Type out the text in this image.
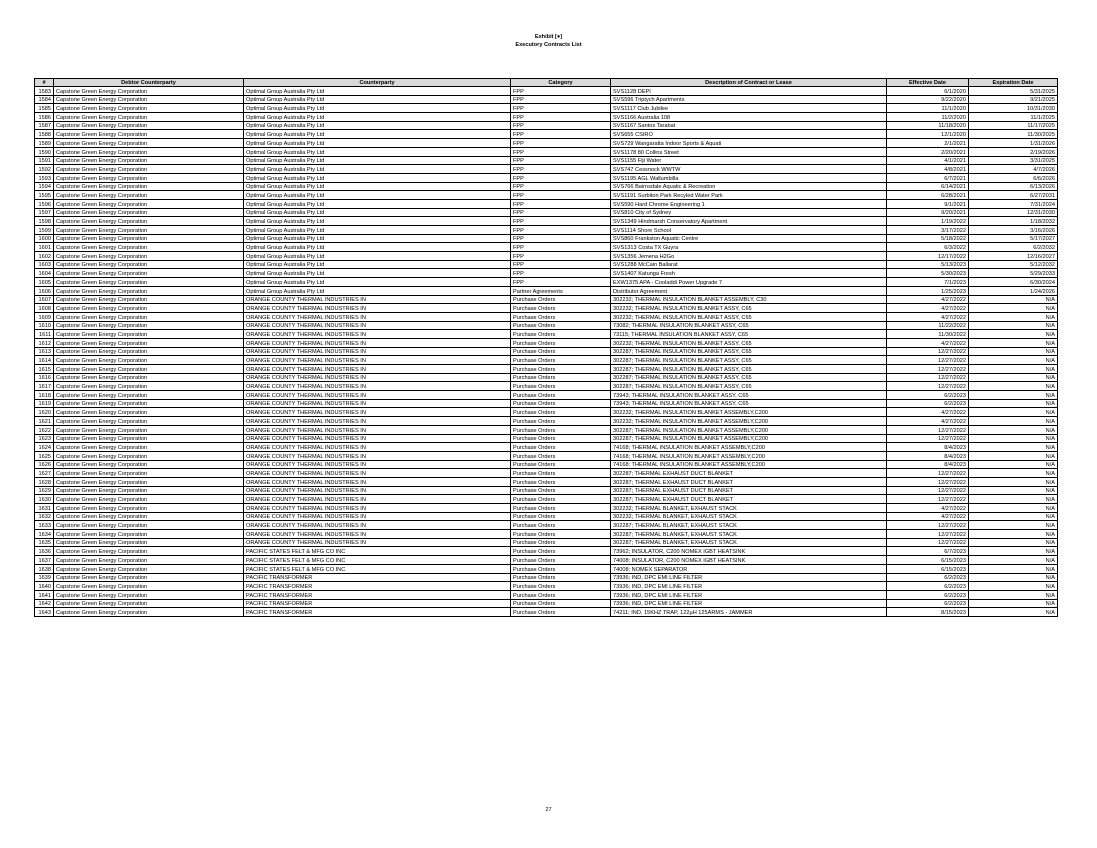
Exhibit [●]
Executory Contracts List
#	Debtor Counterparty	Counterparty	Category	Description of Contract or Lease	Effective Date	Expiration Date
1583	Capstone Green Energy Corporation	Optimal Group Australia Pty Ltd	FPP	SVS1128 DEPI	6/1/2020	5/31/2025
1584	Capstone Green Energy Corporation	Optimal Group Australia Pty Ltd	FPP	SVS596 Triptych Apartments	9/22/2020	9/21/2025
1585	Capstone Green Energy Corporation	Optimal Group Australia Pty Ltd	FPP	SVS1117 Club Jubilee	11/1/2020	10/31/2030
1586	Capstone Green Energy Corporation	Optimal Group Australia Pty Ltd	FPP	SVS1166 Australia 108	11/2/2020	11/1/2025
1587	Capstone Green Energy Corporation	Optimal Group Australia Pty Ltd	FPP	SVS1167 Santos Tarabat	11/18/2020	11/17/2025
1588	Capstone Green Energy Corporation	Optimal Group Australia Pty Ltd	FPP	SVS655 CSIRO	12/1/2020	11/30/2025
1589	Capstone Green Energy Corporation	Optimal Group Australia Pty Ltd	FPP	SVS729 Wangaratta Indoor Sports & Aquati	2/1/2021	1/31/2026
1590	Capstone Green Energy Corporation	Optimal Group Australia Pty Ltd	FPP	SVS1178 80 Collins Street	2/20/2021	2/19/2026
1591	Capstone Green Energy Corporation	Optimal Group Australia Pty Ltd	FPP	SVS1155 Fiji Water	4/1/2021	3/31/2025
1592	Capstone Green Energy Corporation	Optimal Group Australia Pty Ltd	FPP	SVS747 Cessnock WWTW	4/8/2021	4/7/2026
1593	Capstone Green Energy Corporation	Optimal Group Australia Pty Ltd	FPP	SVS1195 AGL Wallumbilla	6/7/2021	6/6/2026
1594	Capstone Green Energy Corporation	Optimal Group Australia Pty Ltd	FPP	SVS766 Bairnsdale Aquatic & Recreation	6/14/2021	6/13/2026
1595	Capstone Green Energy Corporation	Optimal Group Australia Pty Ltd	FPP	SVS1191 Surbiton Park Recyled Water Park	6/28/2021	6/27/2031
1596	Capstone Green Energy Corporation	Optimal Group Australia Pty Ltd	FPP	SVS590 Hard Chrome Engineering 1	9/1/2021	7/31/2024
1597	Capstone Green Energy Corporation	Optimal Group Australia Pty Ltd	FPP	SVS810 City of Sydney	9/20/2021	12/31/2030
1598	Capstone Green Energy Corporation	Optimal Group Australia Pty Ltd	FPP	SVS1349 Hindmarsh Conservatory Apartment	1/19/2022	1/18/2032
1599	Capstone Green Energy Corporation	Optimal Group Australia Pty Ltd	FPP	SVS1114 Shore School	3/17/2022	3/16/2026
1600	Capstone Green Energy Corporation	Optimal Group Australia Pty Ltd	FPP	SVS860 Frankston Aquatic Centre	5/18/2022	5/17/2027
1601	Capstone Green Energy Corporation	Optimal Group Australia Pty Ltd	FPP	SVS1313 Costa TX Guyra	6/3/2022	6/2/2032
1602	Capstone Green Energy Corporation	Optimal Group Australia Pty Ltd	FPP	SVS1356 Jemena H2Go	12/17/2022	12/16/2027
1603	Capstone Green Energy Corporation	Optimal Group Australia Pty Ltd	FPP	SVS1288 McCain Ballarat	5/13/2023	5/12/2032
1604	Capstone Green Energy Corporation	Optimal Group Australia Pty Ltd	FPP	SVS1407 Katunga Fresh	5/30/2023	5/29/2033
1605	Capstone Green Energy Corporation	Optimal Group Australia Pty Ltd	FPP	EXW1375 APA - Cooladdi Power Upgrade 7	7/1/2023	6/30/2024
1606	Capstone Green Energy Corporation	Optimal Group Australia Pty Ltd	Partner Agreements	Distributor Agreement	1/25/2023	1/24/2026
1607	Capstone Green Energy Corporation	ORANGE COUNTY THERMAL INDUSTRIES IN	Purchase Orders	302232; THERMAL INSULATION BLANKET ASSEMBLY, C30	4/27/2022	N/A
1608	Capstone Green Energy Corporation	ORANGE COUNTY THERMAL INDUSTRIES IN	Purchase Orders	302232; THERMAL INSULATION BLANKET ASSY, C65	4/27/2022	N/A
1609	Capstone Green Energy Corporation	ORANGE COUNTY THERMAL INDUSTRIES IN	Purchase Orders	302232; THERMAL INSULATION BLANKET ASSY, C65	4/27/2022	N/A
1610	Capstone Green Energy Corporation	ORANGE COUNTY THERMAL INDUSTRIES IN	Purchase Orders	73082; THERMAL INSULATION BLANKET ASSY, C65	11/22/2022	N/A
1611	Capstone Green Energy Corporation	ORANGE COUNTY THERMAL INDUSTRIES IN	Purchase Orders	73115; THERMAL INSULATION BLANKET ASSY, C65	11/30/2022	N/A
1612	Capstone Green Energy Corporation	ORANGE COUNTY THERMAL INDUSTRIES IN	Purchase Orders	302232; THERMAL INSULATION BLANKET ASSY, C65	4/27/2022	N/A
1613	Capstone Green Energy Corporation	ORANGE COUNTY THERMAL INDUSTRIES IN	Purchase Orders	302287; THERMAL INSULATION BLANKET ASSY, C65	12/27/2022	N/A
1614	Capstone Green Energy Corporation	ORANGE COUNTY THERMAL INDUSTRIES IN	Purchase Orders	302287; THERMAL INSULATION BLANKET ASSY, C65	12/27/2022	N/A
1615	Capstone Green Energy Corporation	ORANGE COUNTY THERMAL INDUSTRIES IN	Purchase Orders	302287; THERMAL INSULATION BLANKET ASSY, C65	12/27/2022	N/A
1616	Capstone Green Energy Corporation	ORANGE COUNTY THERMAL INDUSTRIES IN	Purchase Orders	302287; THERMAL INSULATION BLANKET ASSY, C65	12/27/2022	N/A
1617	Capstone Green Energy Corporation	ORANGE COUNTY THERMAL INDUSTRIES IN	Purchase Orders	302287; THERMAL INSULATION BLANKET ASSY, C65	12/27/2022	N/A
1618	Capstone Green Energy Corporation	ORANGE COUNTY THERMAL INDUSTRIES IN	Purchase Orders	73943; THERMAL INSULATION BLANKET ASSY, C65	6/2/2023	N/A
1619	Capstone Green Energy Corporation	ORANGE COUNTY THERMAL INDUSTRIES IN	Purchase Orders	73943; THERMAL INSULATION BLANKET ASSY, C65	6/2/2023	N/A
1620	Capstone Green Energy Corporation	ORANGE COUNTY THERMAL INDUSTRIES IN	Purchase Orders	302232; THERMAL INSULATION BLANKET ASSEMBLY,C200	4/27/2022	N/A
1621	Capstone Green Energy Corporation	ORANGE COUNTY THERMAL INDUSTRIES IN	Purchase Orders	302232; THERMAL INSULATION BLANKET ASSEMBLY,C200	4/27/2022	N/A
1622	Capstone Green Energy Corporation	ORANGE COUNTY THERMAL INDUSTRIES IN	Purchase Orders	302287; THERMAL INSULATION BLANKET ASSEMBLY,C200	12/27/2022	N/A
1623	Capstone Green Energy Corporation	ORANGE COUNTY THERMAL INDUSTRIES IN	Purchase Orders	302287; THERMAL INSULATION BLANKET ASSEMBLY,C200	12/27/2022	N/A
1624	Capstone Green Energy Corporation	ORANGE COUNTY THERMAL INDUSTRIES IN	Purchase Orders	74168; THERMAL INSULATION BLANKET ASSEMBLY,C200	8/4/2023	N/A
1625	Capstone Green Energy Corporation	ORANGE COUNTY THERMAL INDUSTRIES IN	Purchase Orders	74168; THERMAL INSULATION BLANKET ASSEMBLY,C200	8/4/2023	N/A
1626	Capstone Green Energy Corporation	ORANGE COUNTY THERMAL INDUSTRIES IN	Purchase Orders	74168; THERMAL INSULATION BLANKET ASSEMBLY,C200	8/4/2023	N/A
1627	Capstone Green Energy Corporation	ORANGE COUNTY THERMAL INDUSTRIES IN	Purchase Orders	302287; THERMAL EXHAUST DUCT BLANKET	12/27/2022	N/A
1628	Capstone Green Energy Corporation	ORANGE COUNTY THERMAL INDUSTRIES IN	Purchase Orders	302287; THERMAL EXHAUST DUCT BLANKET	12/27/2022	N/A
1629	Capstone Green Energy Corporation	ORANGE COUNTY THERMAL INDUSTRIES IN	Purchase Orders	302287; THERMAL EXHAUST DUCT BLANKET	12/27/2022	N/A
1630	Capstone Green Energy Corporation	ORANGE COUNTY THERMAL INDUSTRIES IN	Purchase Orders	302287; THERMAL EXHAUST DUCT BLANKET	12/27/2022	N/A
1631	Capstone Green Energy Corporation	ORANGE COUNTY THERMAL INDUSTRIES IN	Purchase Orders	302232; THERMAL BLANKET, EXHAUST STACK	4/27/2022	N/A
1632	Capstone Green Energy Corporation	ORANGE COUNTY THERMAL INDUSTRIES IN	Purchase Orders	302232; THERMAL BLANKET, EXHAUST STACK	4/27/2022	N/A
1633	Capstone Green Energy Corporation	ORANGE COUNTY THERMAL INDUSTRIES IN	Purchase Orders	302287; THERMAL BLANKET, EXHAUST STACK	12/27/2022	N/A
1634	Capstone Green Energy Corporation	ORANGE COUNTY THERMAL INDUSTRIES IN	Purchase Orders	302287; THERMAL BLANKET, EXHAUST STACK	12/27/2022	N/A
1635	Capstone Green Energy Corporation	ORANGE COUNTY THERMAL INDUSTRIES IN	Purchase Orders	302287; THERMAL BLANKET, EXHAUST STACK	12/27/2022	N/A
1636	Capstone Green Energy Corporation	PACIFIC STATES FELT & MFG CO INC	Purchase Orders	73962; INSULATOR, C200 NOMEX IGBT HEATSINK	6/7/2023	N/A
1637	Capstone Green Energy Corporation	PACIFIC STATES FELT & MFG CO INC	Purchase Orders	74008; INSULATOR, C200 NOMEX IGBT HEATSINK	6/15/2023	N/A
1638	Capstone Green Energy Corporation	PACIFIC STATES FELT & MFG CO INC	Purchase Orders	74008; NOMEX SEPARATOR	6/15/2023	N/A
1639	Capstone Green Energy Corporation	PACIFIC TRANSFORMER	Purchase Orders	73936; IND, DPC EMI LINE FILTER	6/2/2023	N/A
1640	Capstone Green Energy Corporation	PACIFIC TRANSFORMER	Purchase Orders	73936; IND, DPC EMI LINE FILTER	6/2/2023	N/A
1641	Capstone Green Energy Corporation	PACIFIC TRANSFORMER	Purchase Orders	73936; IND, DPC EMI LINE FILTER	6/2/2023	N/A
1642	Capstone Green Energy Corporation	PACIFIC TRANSFORMER	Purchase Orders	73936; IND, DPC EMI LINE FILTER	6/2/2023	N/A
1643	Capstone Green Energy Corporation	PACIFIC TRANSFORMER	Purchase Orders	74211; IND, 15KHZ TRAP, 122µH 125ARMS - JAMMER	8/15/2023	N/A
27
